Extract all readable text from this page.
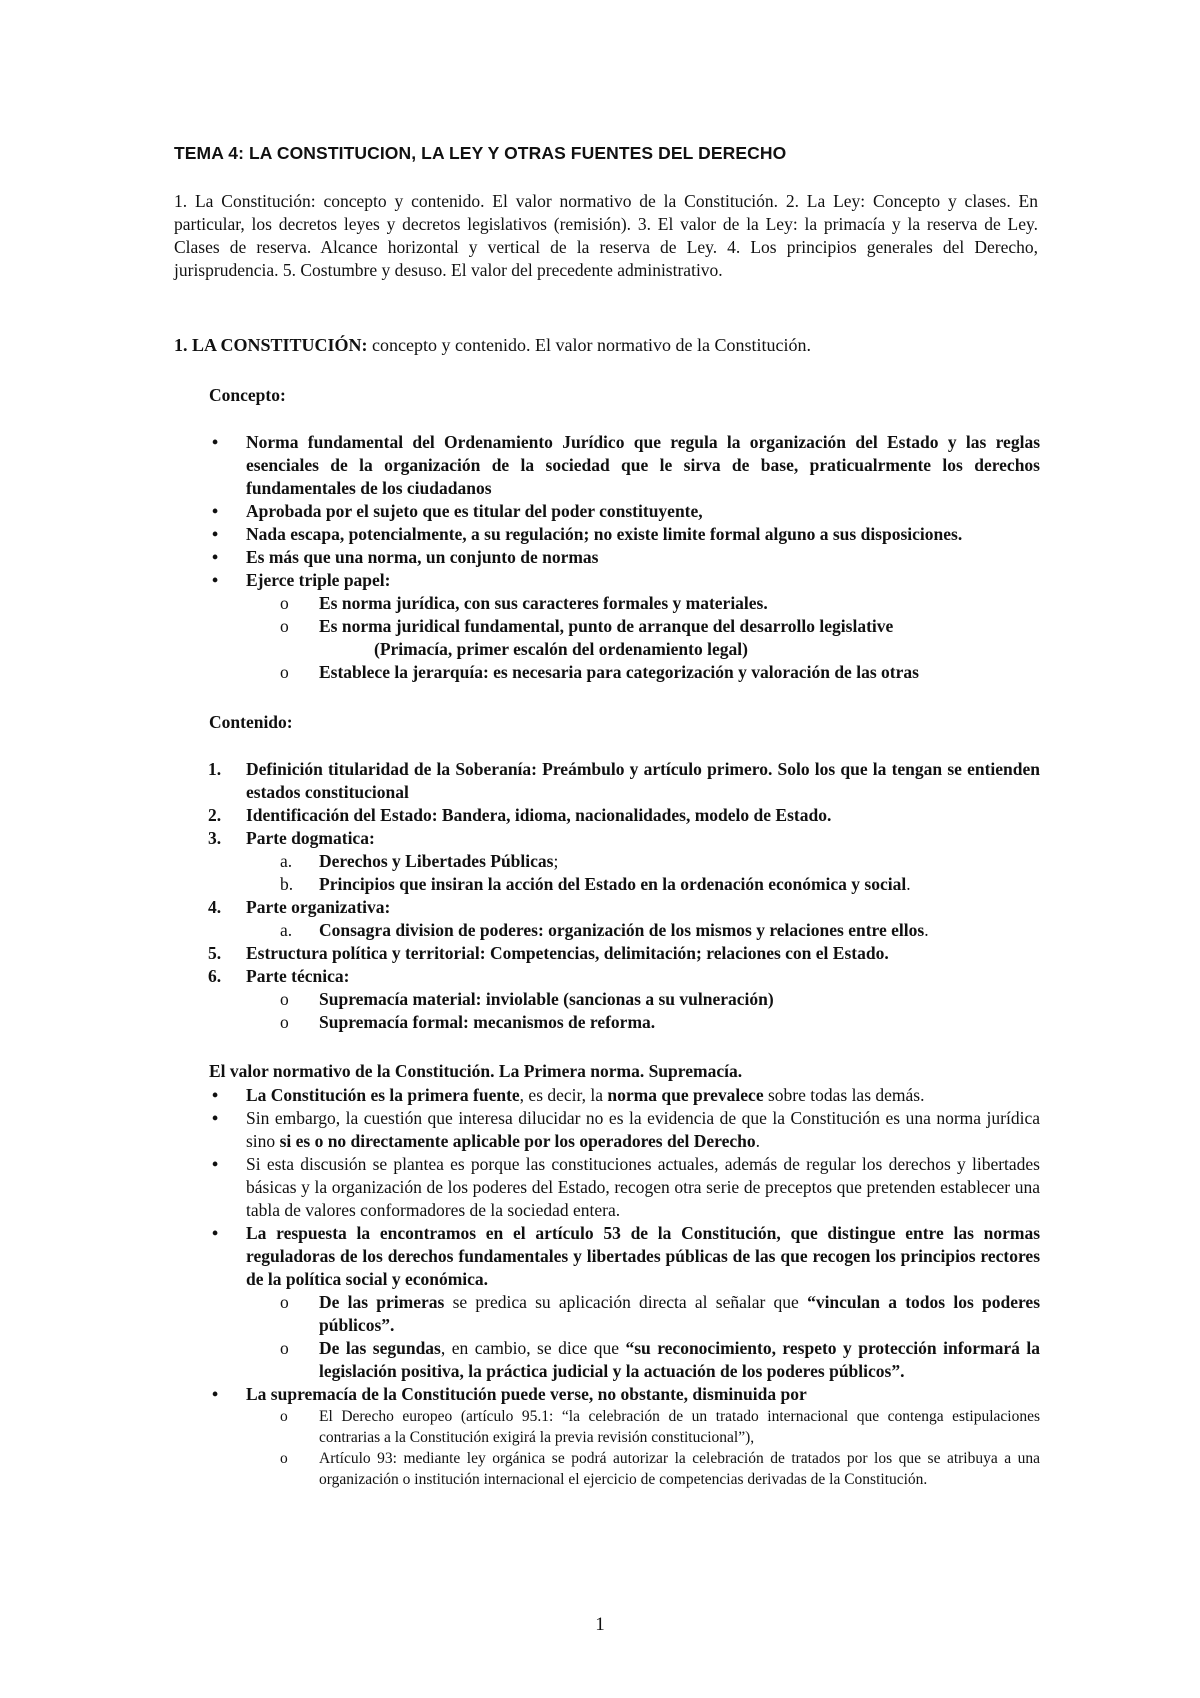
TEMA 4: LA CONSTITUCION, LA LEY Y OTRAS FUENTES DEL DERECHO
1. La Constitución: concepto y contenido. El valor normativo de la Constitución. 2. La Ley: Concepto y clases. En particular, los decretos leyes y decretos legislativos (remisión). 3. El valor de la Ley: la primacía y la reserva de Ley. Clases de reserva. Alcance horizontal y vertical de la reserva de Ley. 4. Los principios generales del Derecho, jurisprudencia. 5. Costumbre y desuso. El valor del precedente administrativo.
1. LA CONSTITUCIÓN: concepto y contenido. El valor normativo de la Constitución.
Concepto:
• Norma fundamental del Ordenamiento Jurídico que regula la organización del Estado y las reglas esenciales de la organización de la sociedad que le sirva de base, praticualrmente los derechos fundamentales de los ciudadanos
• Aprobada por el sujeto que es titular del poder constituyente,
• Nada escapa, potencialmente, a su regulación; no existe limite formal alguno a sus disposiciones.
• Es más que una norma, un conjunto de normas
• Ejerce triple papel:
o Es norma jurídica, con sus caracteres formales y materiales.
o Es norma juridical fundamental, punto de arranque del desarrollo legislative
(Primacía, primer escalón del ordenamiento legal)
o Establece la jerarquía: es necesaria para categorización y valoración de las otras
Contenido:
1. Definición titularidad de la Soberanía: Preámbulo y artículo primero. Solo los que la tengan se entienden estados constitucional
2. Identificación del Estado: Bandera, idioma, nacionalidades, modelo de Estado.
3. Parte dogmatica:
a. Derechos y Libertades Públicas;
b. Principios que insiran la acción del Estado en la ordenación económica y social.
4. Parte organizativa:
a. Consagra division de poderes: organización de los mismos y relaciones entre ellos.
5. Estructura política y territorial: Competencias, delimitación; relaciones con el Estado.
6. Parte técnica:
o Supremacía material: inviolable (sancionas a su vulneración)
o Supremacía formal: mecanismos de reforma.
El valor normativo de la Constitución. La Primera norma. Supremacía.
• La Constitución es la primera fuente, es decir, la norma que prevalece sobre todas las demás.
• Sin embargo, la cuestión que interesa dilucidar no es la evidencia de que la Constitución es una norma jurídica sino si es o no directamente aplicable por los operadores del Derecho.
• Si esta discusión se plantea es porque las constituciones actuales, además de regular los derechos y libertades básicas y la organización de los poderes del Estado, recogen otra serie de preceptos que pretenden establecer una tabla de valores conformadores de la sociedad entera.
• La respuesta la encontramos en el artículo 53 de la Constitución, que distingue entre las normas reguladoras de los derechos fundamentales y libertades públicas de las que recogen los principios rectores de la política social y económica.
o De las primeras se predica su aplicación directa al señalar que “vinculan a todos los poderes públicos”.
o De las segundas, en cambio, se dice que “su reconocimiento, respeto y protección informará la legislación positiva, la práctica judicial y la actuación de los poderes públicos”.
• La supremacía de la Constitución puede verse, no obstante, disminuida por
o El Derecho europeo (artículo 95.1: “la celebración de un tratado internacional que contenga estipulaciones contrarias a la Constitución exigirá la previa revisión constitucional”),
o Artículo 93: mediante ley orgánica se podrá autorizar la celebración de tratados por los que se atribuya a una organización o institución internacional el ejercicio de competencias derivadas de la Constitución.
1
